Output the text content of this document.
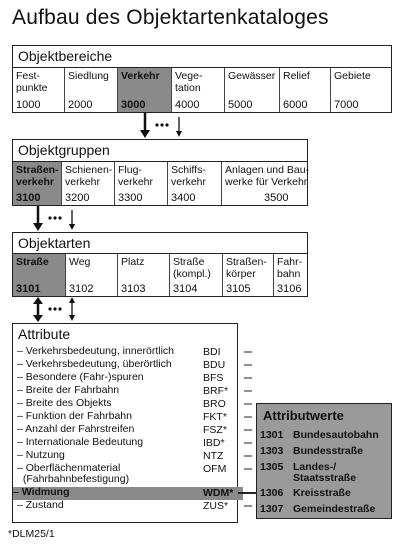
Aufbau des Objektartenkataloges
Objektbereiche
Fest-
punkte
1000
Siedlung
2000
Verkehr
3000
Vege-
tation
4000
Gewässer
5000
Relief
6000
Gebiete
7000
Objektgruppen
Straßen-
verkehr
3100
Schienen-
verkehr
3200
Flug-
verkehr
3300
Schiffs-
verkehr
3400
Anlagen und Bau-
werke für Verkehr
3500
Objektarten
Straße
3101
Weg
3102
Platz
3103
Straße
(kompl.)
3104
Straßen-
körper
3105
Fahr-
bahn
3106
Attribute
– Verkehrsbedeutung, innerörtlich	BDI
– Verkehrsbedeutung, überörtlich	BDU
– Besondere (Fahr-)spuren	BFS
– Breite der Fahrbahn	BRF*
– Breite des Objekts	BRO
– Funktion der Fahrbahn	FKT*
– Anzahl der Fahrstreifen	FSZ*
– Internationale Bedeutung	IBD*
– Nutzung	NTZ
– Oberflächenmaterial
(Fahrbahnbefestigung)
OFM
– Widmung	WDM*
– Zustand	ZUS*
Attributwerte
1301 Bundesautobahn
1303 Bundesstraße
1305 Landes-/
Staatsstraße
1306 Kreisstraße
1307 Gemeindestraße
*DLM25/1
